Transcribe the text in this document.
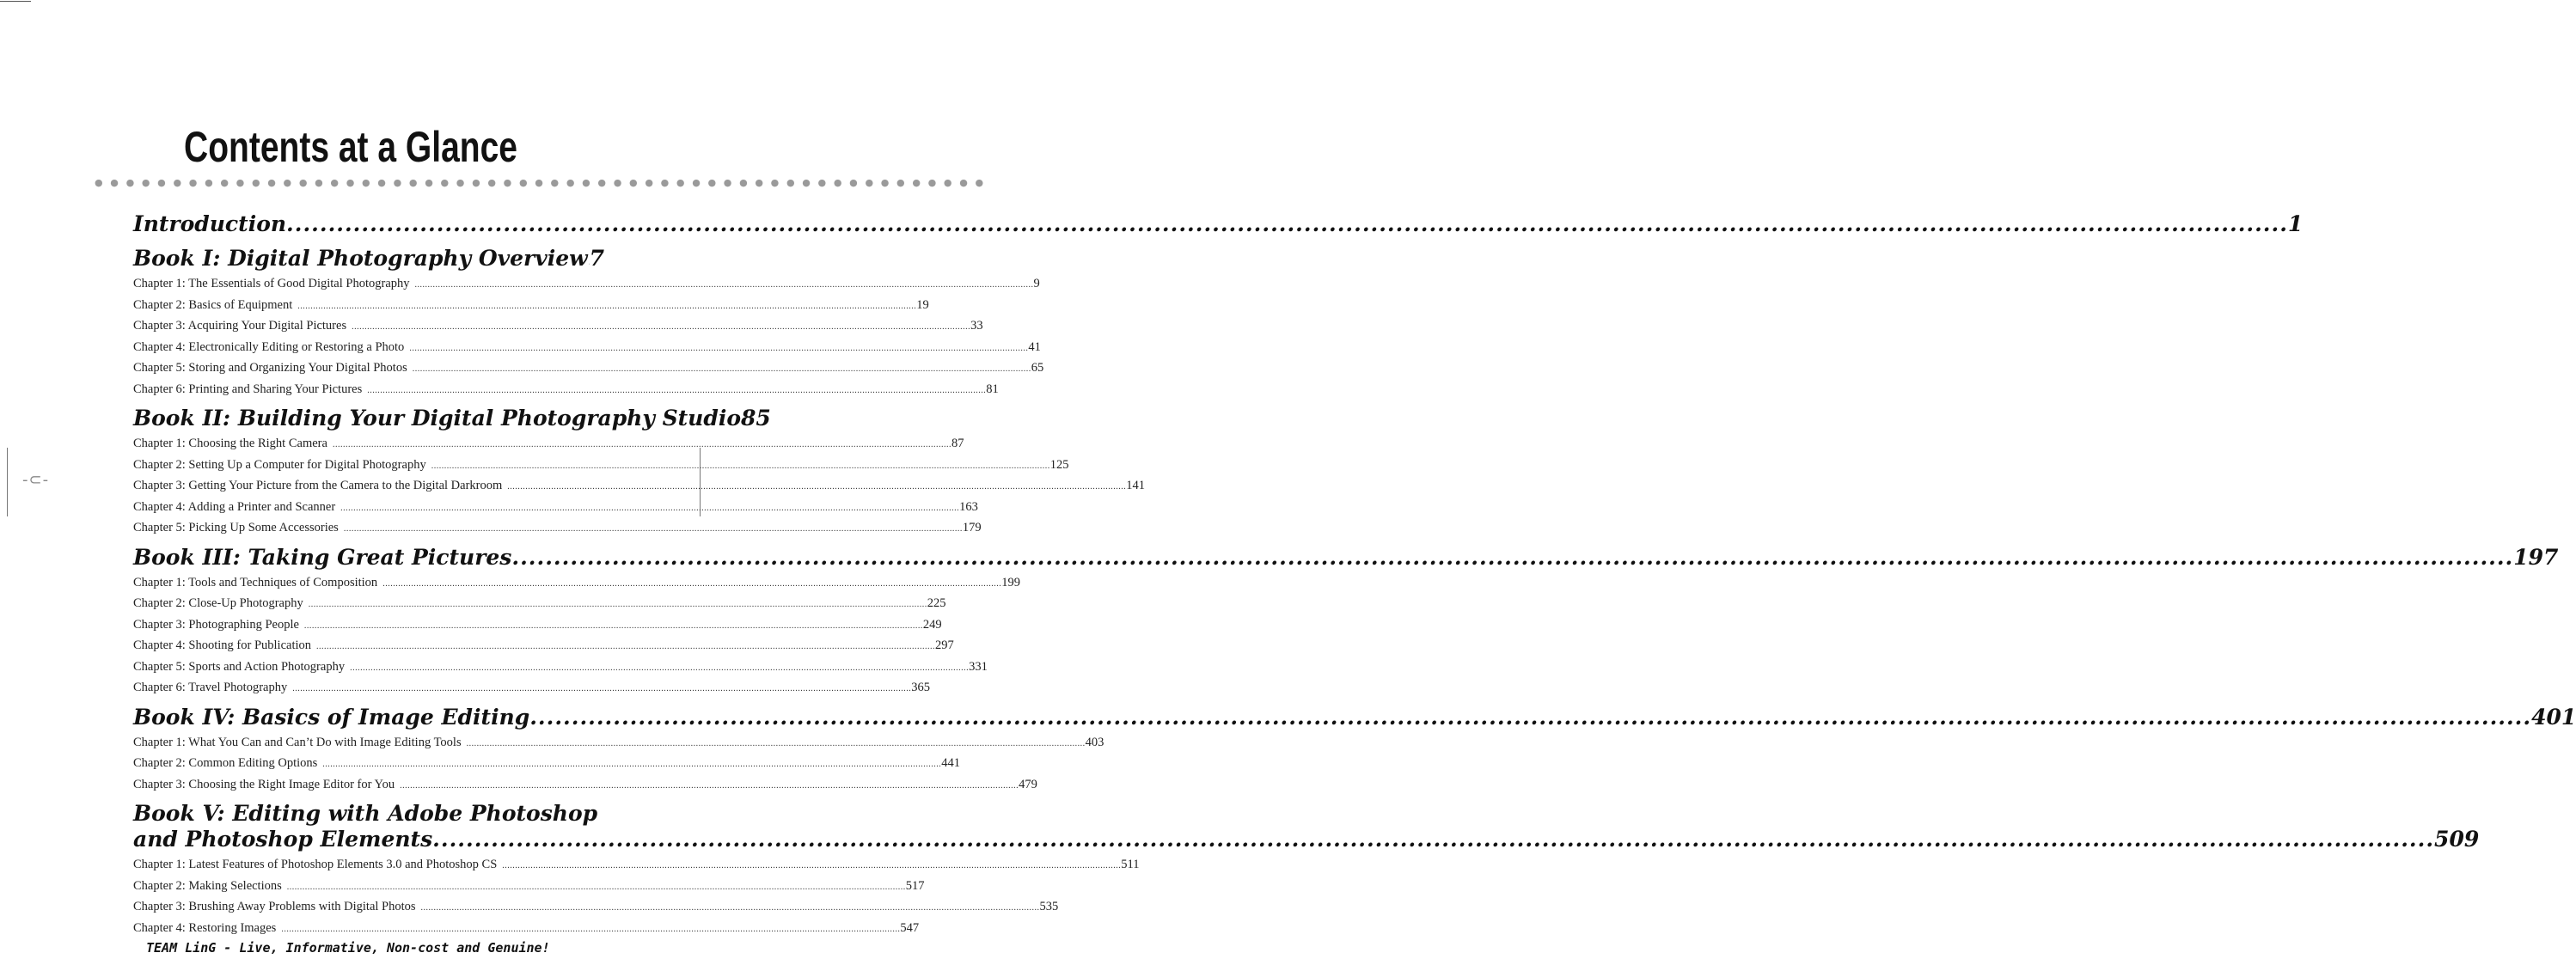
-⊂-
Contents at a Glance
● ● ● ● ● ● ● ● ● ● ● ● ● ● ● ● ● ● ● ● ● ● ● ● ● ● ● ● ● ● ● ● ● ● ● ● ● ● ● ● ● ● ● ● ● ● ● ● ● ● ● ● ● ● ● ● ●
Introduction .....	1
Book I: Digital Photography Overview ..... 7
Chapter 1: The Essentials of Good Digital Photography .....	9
Chapter 2: Basics of Equipment .....	19
Chapter 3: Acquiring Your Digital Pictures .....	33
Chapter 4: Electronically Editing or Restoring a Photo .....	41
Chapter 5: Storing and Organizing Your Digital Photos .....	65
Chapter 6: Printing and Sharing Your Pictures .....	81
Book II: Building Your Digital Photography Studio 85
Chapter 1: Choosing the Right Camera .....	87
Chapter 2: Setting Up a Computer for Digital Photography .....	125
Chapter 3: Getting Your Picture from the Camera to the Digital Darkroom .....	141
Chapter 4: Adding a Printer and Scanner .....	163
Chapter 5: Picking Up Some Accessories .....	179
Book III: Taking Great Pictures .....	197
Chapter 1: Tools and Techniques of Composition .....	199
Chapter 2: Close-Up Photography .....	225
Chapter 3: Photographing People .....	249
Chapter 4: Shooting for Publication .....	297
Chapter 5: Sports and Action Photography .....	331
Chapter 6: Travel Photography .....	365
Book IV: Basics of Image Editing .....	401
Chapter 1: What You Can and Can’t Do with Image Editing Tools .....	403
Chapter 2: Common Editing Options .....	441
Chapter 3: Choosing the Right Image Editor for You .....	479
Book V: Editing with Adobe Photoshop
and Photoshop Elements .....	509
Chapter 1: Latest Features of Photoshop Elements 3.0 and Photoshop CS .....	511
Chapter 2: Making Selections .....	517
Chapter 3: Brushing Away Problems with Digital Photos .....	535
Chapter 4: Restoring Images .....	547
TEAM LinG - Live, Informative, Non-cost and Genuine!
